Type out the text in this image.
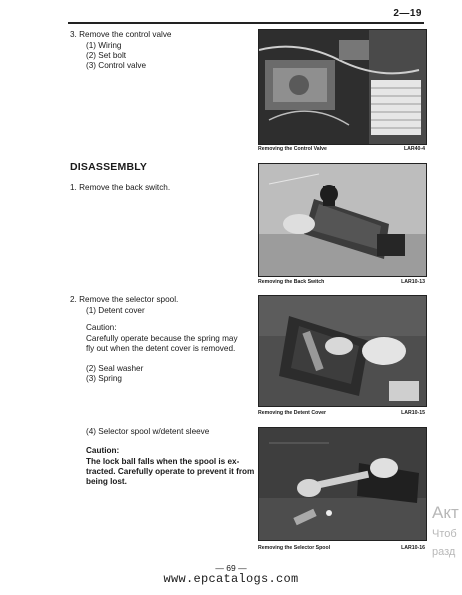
2—19
3. Remove the control valve
(1) Wiring
(2) Set bolt
(3) Control valve
DISASSEMBLY
1. Remove the back switch.
2. Remove the selector spool.
(1) Detent cover
Caution:
Carefully operate because the spring may
fly out when the detent cover is removed.
(2) Seal washer
(3) Spring
(4) Selector spool w/detent sleeve
Caution:
The lock ball falls when the spool is ex-
tracted. Carefully operate to prevent it from
being lost.
Removing the Control Valve	LAR40-4
Removing the Back Switch	LAR10-13
Removing the Detent Cover	LAR10-15
Removing the Selector Spool	LAR10-16
Акт
Чтоб
разд
— 69 —
www.epcatalogs.com
